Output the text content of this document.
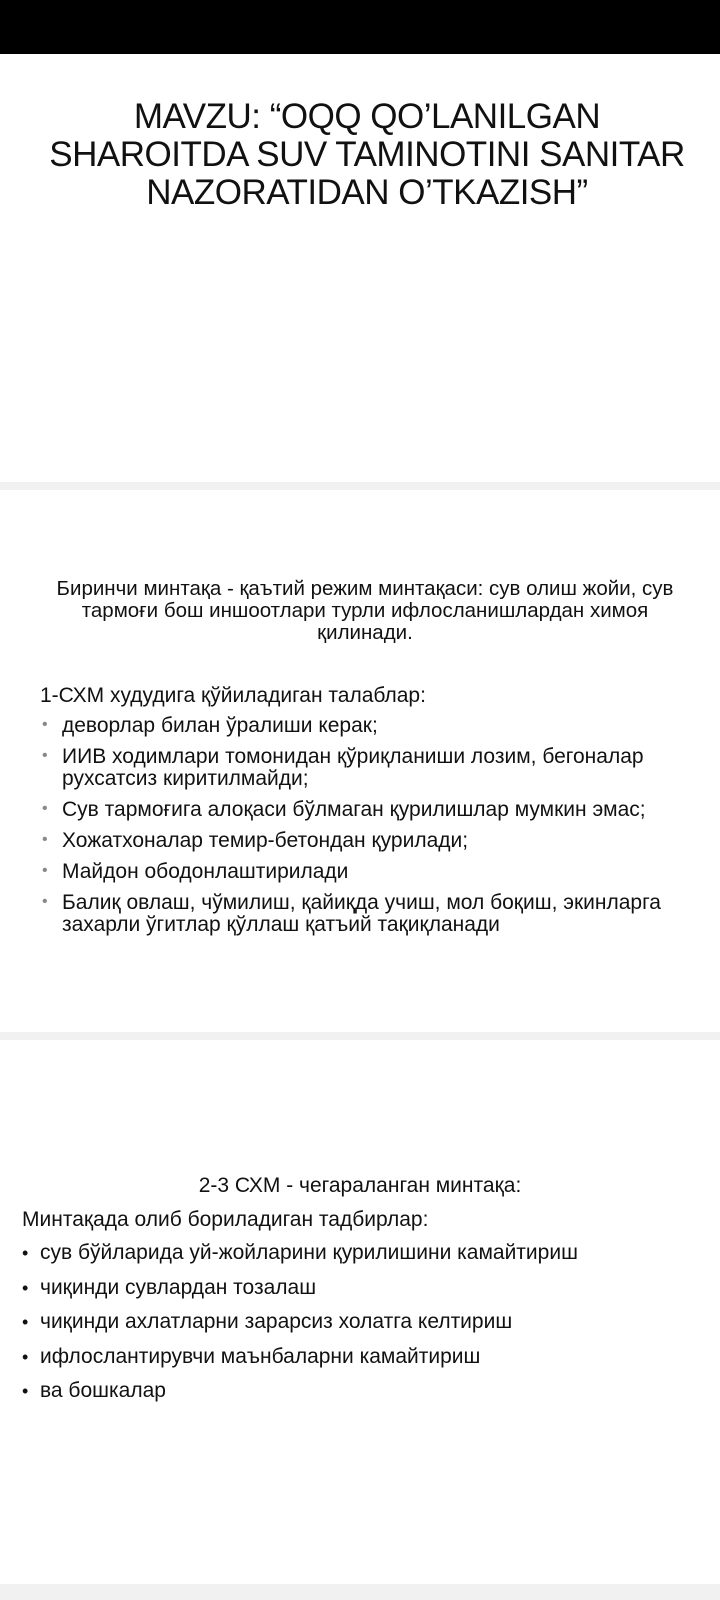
MAVZU: “OQQ QO’LANILGAN SHAROITDA SUV TAMINOTINI SANITAR NAZORATIDAN O’TKAZISH”
Биринчи минтақа - қаътий режим минтақаси: сув олиш жойи, сув тармоғи бош иншоотлари турли ифлосланишлардан химоя қилинади.
1-СХМ худудига қўйиладиган талаблар:
• деворлар билан ўралиши керак;
• ИИВ ходимлари томонидан қўриқланиши лозим, бегоналар рухсатсиз киритилмайди;
• Сув тармоғига алоқаси бўлмаган қурилишлар мумкин эмас;
• Хожатхоналар темир-бетондан қурилади;
• Майдон ободонлаштирилади
• Балиқ овлаш, чўмилиш, қайиқда учиш, мол боқиш, экинларга захарли ўгитлар қўллаш қатъий тақиқланади
2-3 СХМ - чегараланган минтақа:
Минтақада олиб бориладиган тадбирлар:
• сув бўйларида уй-жойларини қурилишини камайтириш
• чиқинди сувлардан тозалаш
• чиқинди ахлатларни зарарсиз холатга келтириш
• ифлослантирувчи маънбаларни камайтириш
• ва бошкалар
